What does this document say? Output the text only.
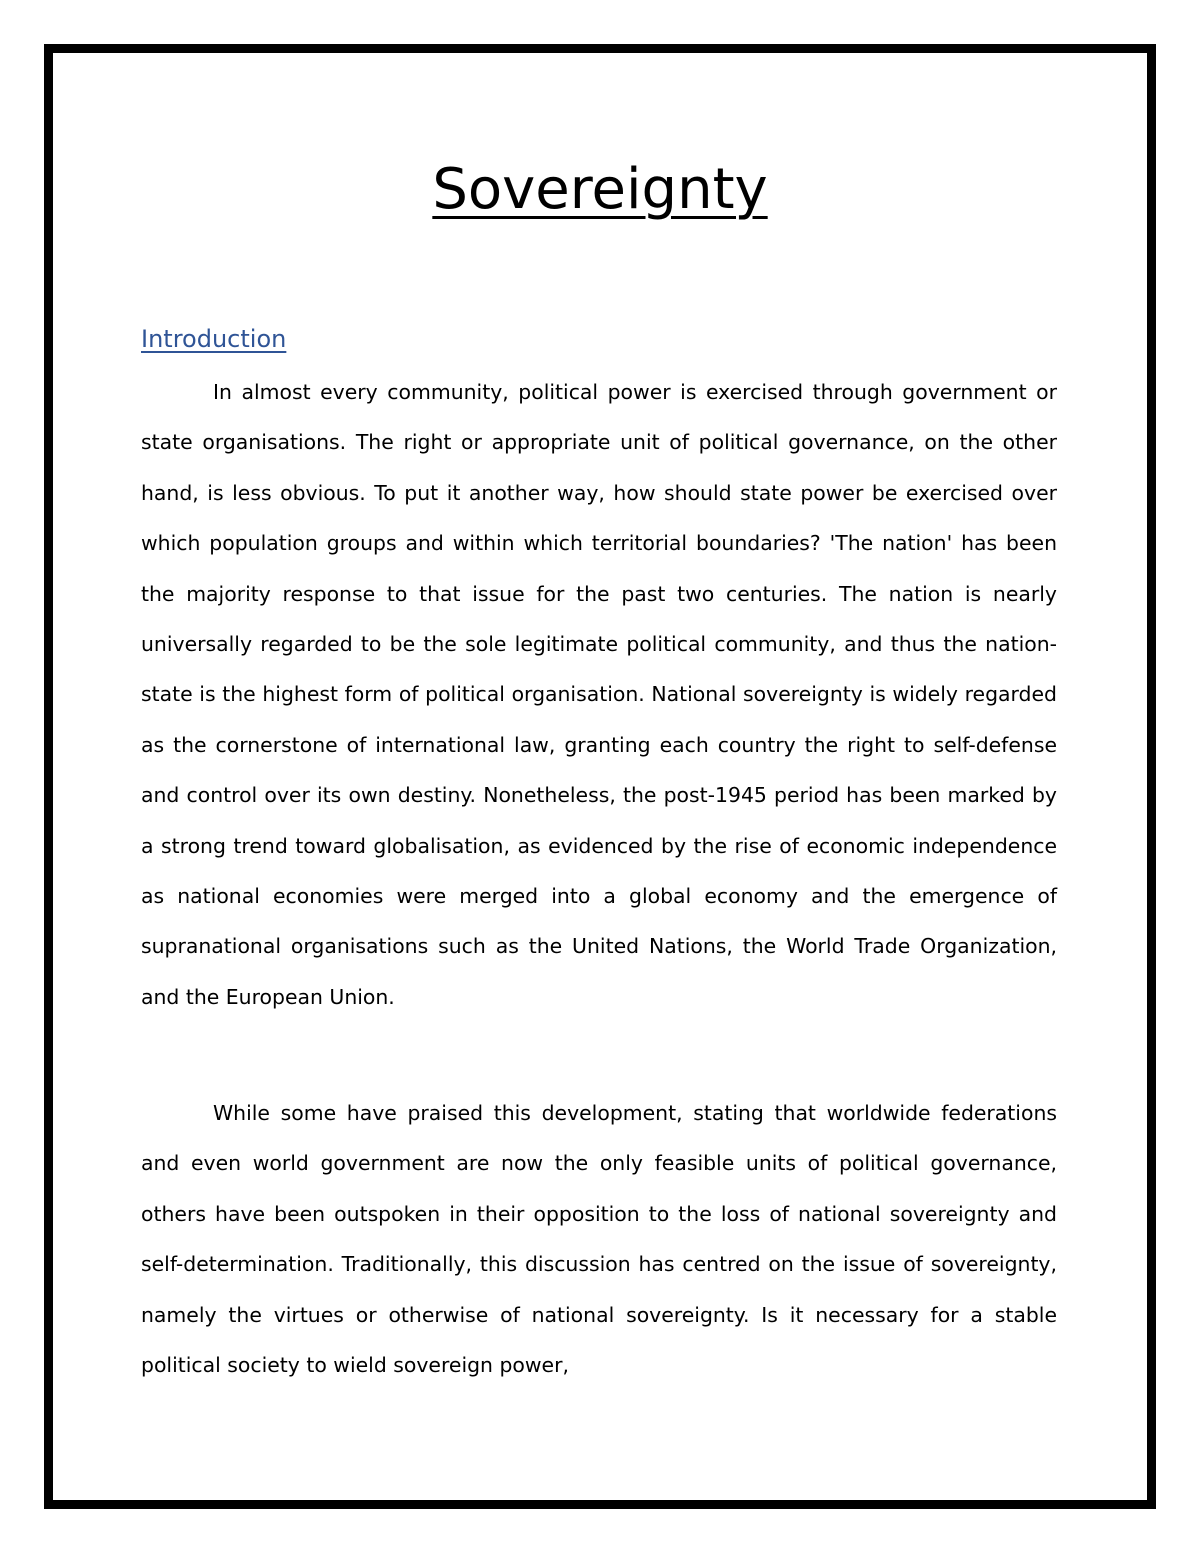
Sovereignty
Introduction

In almost every community, political power is exercised through government or state organisations. The right or appropriate unit of political governance, on the other hand, is less obvious. To put it another way, how should state power be exercised over which population groups and within which territorial boundaries? 'The nation' has been the majority response to that issue for the past two centuries. The nation is nearly universally regarded to be the sole legitimate political community, and thus the nation-state is the highest form of political organisation. National sovereignty is widely regarded as the cornerstone of international law, granting each country the right to self-defense and control over its own destiny. Nonetheless, the post-1945 period has been marked by a strong trend toward globalisation, as evidenced by the rise of economic independence as national economies were merged into a global economy and the emergence of supranational organisations such as the United Nations, the World Trade Organization, and the European Union.

While some have praised this development, stating that worldwide federations and even world government are now the only feasible units of political governance, others have been outspoken in their opposition to the loss of national sovereignty and self-determination. Traditionally, this discussion has centred on the issue of sovereignty, namely the virtues or otherwise of national sovereignty. Is it necessary for a stable political society to wield sovereign power,
